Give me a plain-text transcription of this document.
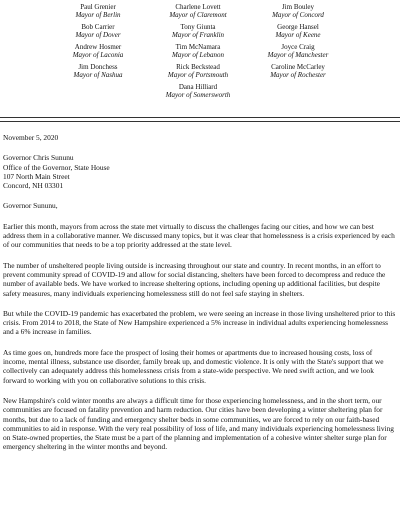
Paul Grenier
Mayor of Berlin
Charlene Lovett
Mayor of Claremont
Jim Bouley
Mayor of Concord
Bob Carrier
Mayor of Dover
Tony Giunta
Mayor of Franklin
George Hansel
Mayor of Keene
Andrew Hosmer
Mayor of Laconia
Tim McNamara
Mayor of Lebanon
Joyce Craig
Mayor of Manchester
Jim Donchess
Mayor of Nashua
Rick Beckstead
Mayor of Portsmouth
Caroline McCarley
Mayor of Rochester
Dana Hilliard
Mayor of Somersworth

November 5, 2020

Governor Chris Sununu
Office of the Governor, State House
107 North Main Street
Concord, NH 03301

Governor Sununu,

Earlier this month, mayors from across the state met virtually to discuss the challenges facing our cities, and how we can best address them in a collaborative manner. We discussed many topics, but it was clear that homelessness is a crisis experienced by each of our communities that needs to be a top priority addressed at the state level.

The number of unsheltered people living outside is increasing throughout our state and country. In recent months, in an effort to prevent community spread of COVID-19 and allow for social distancing, shelters have been forced to decompress and reduce the number of available beds. We have worked to increase sheltering options, including opening up additional facilities, but despite safety measures, many individuals experiencing homelessness still do not feel safe staying in shelters.

But while the COVID-19 pandemic has exacerbated the problem, we were seeing an increase in those living unsheltered prior to this crisis. From 2014 to 2018, the State of New Hampshire experienced a 5% increase in individual adults experiencing homelessness and a 6% increase in families.

As time goes on, hundreds more face the prospect of losing their homes or apartments due to increased housing costs, loss of income, mental illness, substance use disorder, family break up, and domestic violence. It is only with the State's support that we collectively can adequately address this homelessness crisis from a state-wide perspective. We need swift action, and we look forward to working with you on collaborative solutions to this crisis.

New Hampshire's cold winter months are always a difficult time for those experiencing homelessness, and in the short term, our communities are focused on fatality prevention and harm reduction. Our cities have been developing a winter sheltering plan for months, but due to a lack of funding and emergency shelter beds in some communities, we are forced to rely on our faith-based communities to aid in response. With the very real possibility of loss of life, and many individuals experiencing homelessness living on State-owned properties, the State must be a part of the planning and implementation of a cohesive winter shelter surge plan for emergency sheltering in the winter months and beyond.
